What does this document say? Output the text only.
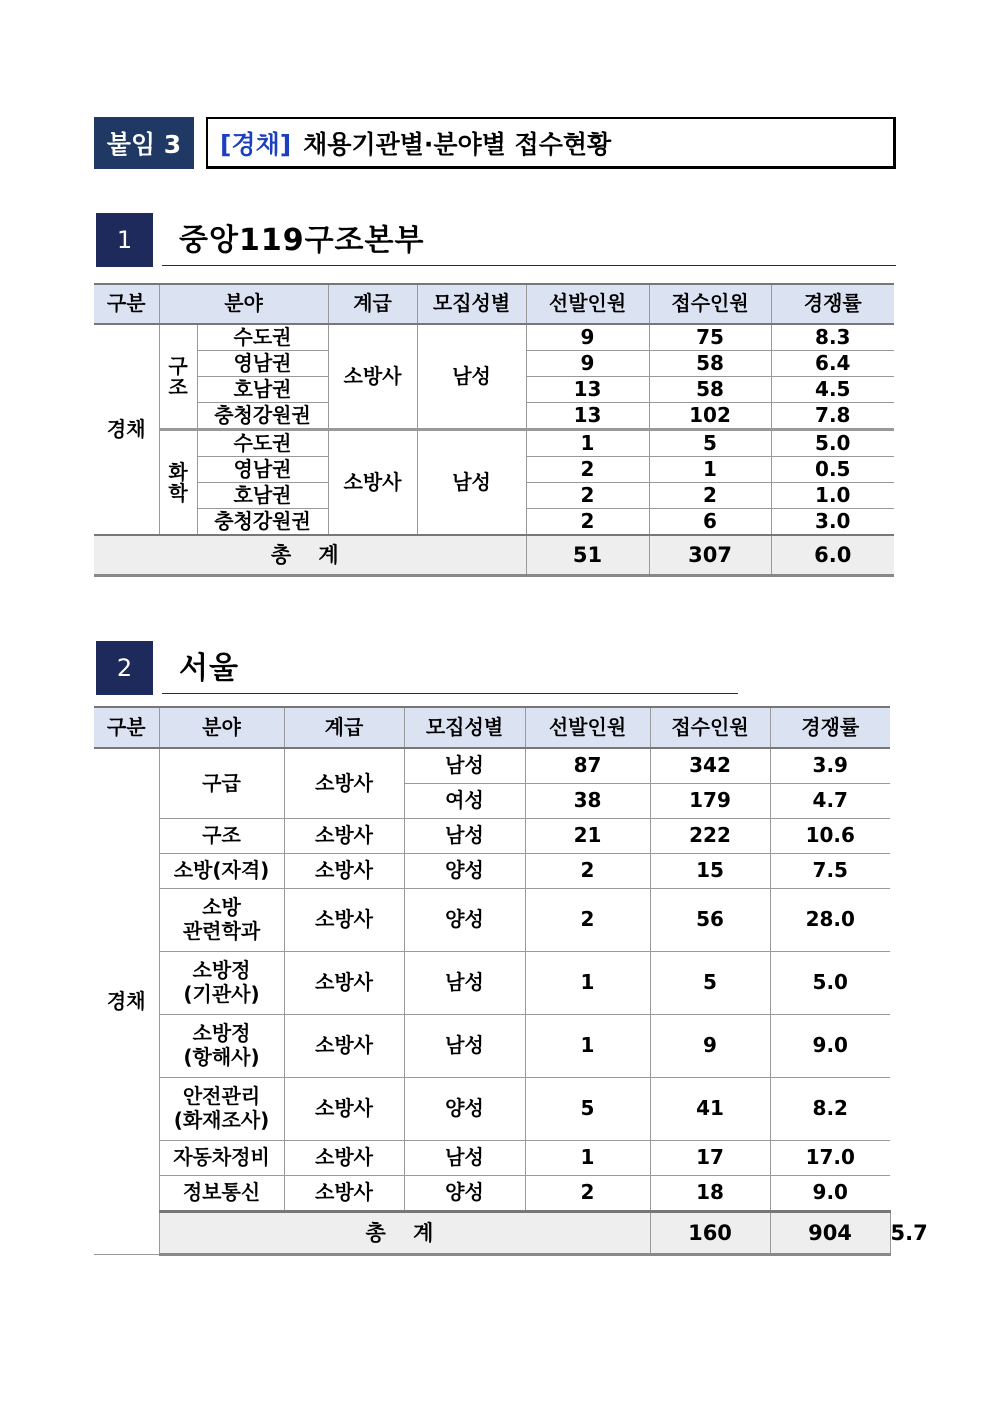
붙임 3	[경채] 채용기관별·분야별 접수현황
1	중앙119구조본부
구분	분야		계급	모집성별	선발인원	접수인원	경쟁률
경채	구조	수도권	소방사	남성	9	75	8.3
		영남권			9	58	6.4
		호남권			13	58	4.5
		충청강원권			13	102	7.8
	화학	수도권	소방사	남성	1	5	5.0
		영남권			2	1	0.5
		호남권			2	2	1.0
		충청강원권			2	6	3.0
총 계					51	307	6.0
2	서울
구분	분야	계급	모집성별	선발인원	접수인원	경쟁률	
경채	구급	소방사	남성	87	342	3.9	
			여성	38	179	4.7	
	구조	소방사	남성	21	222	10.6	
	소방(자격)	소방사	양성	2	15	7.5	

	소방
관련학과	소방사	양성	2	56	28.0	

	소방정
(기관사)	소방사	남성	1	5	5.0	

	소방정
(항해사)	소방사	남성	1	9	9.0	

	안전관리
(화재조사)	소방사	양성	5	41	8.2	
	자동차정비	소방사	남성	1	17	17.0	
	정보통신	소방사	양성	2	18	9.0	
	총 계				160	904	5.7
